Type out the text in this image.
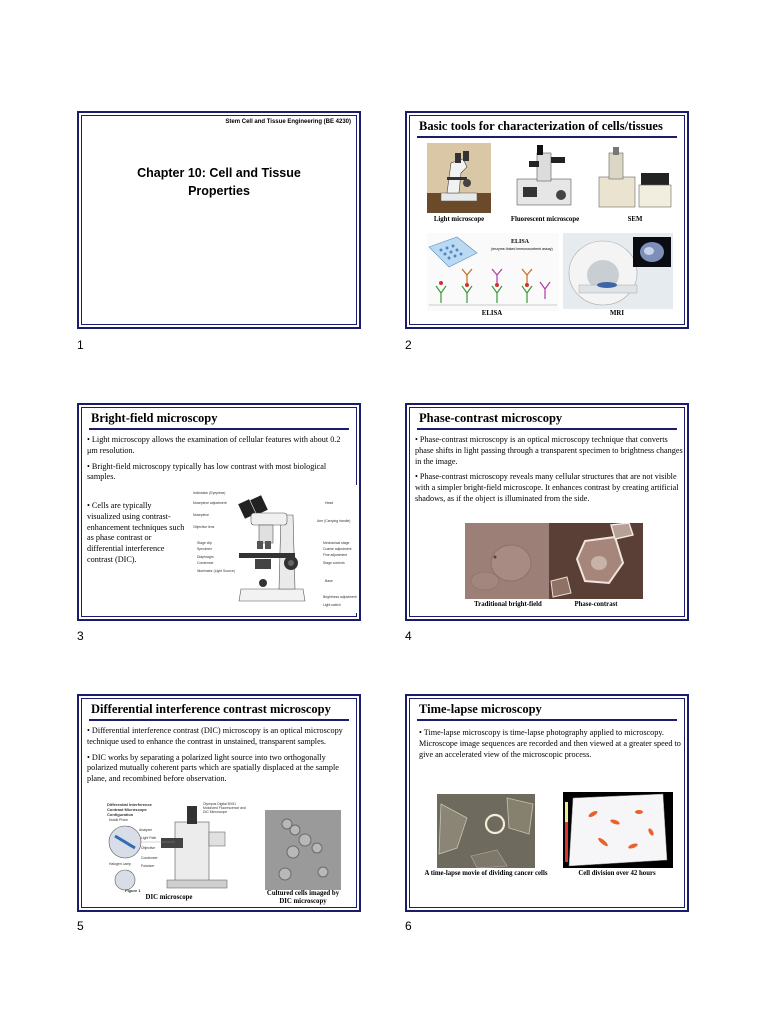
Stem Cell and Tissue Engineering (BE 4230)
Chapter 10: Cell and Tissue
Properties
1
Basic tools for characterization of cells/tissues
Light microscope	Fluorescent microscope	SEM
ELISA
(enzyme-linked immunosorbent assay)
ELISA	MRI
2
Bright-field microscopy

• Light microscopy allows the examination of cellular features with about 0.2 μm resolution.

• Bright-field microscopy typically has low contrast with most biological samples.

• Cells are typically visualized using contrast-enhancement techniques such as phase contrast or differential interference contrast (DIC).

Inclination (Eyepiece)
Nosepiece adjustment
Nosepiece
Objective lens
Stage clip
Specimen
Diaphragm
Condenser
Illuminator (Light Source)
Head
Arm (Carrying handle)
Mechanical stage
Coarse adjustment
Fine adjustment
Stage controls
Base
Brightness adjustment
Light switch
3
Phase-contrast microscopy

• Phase-contrast microscopy is an optical microscopy technique that converts phase shifts in light passing through a transparent specimen to brightness changes in the image.

• Phase-contrast microscopy reveals many cellular structures that are not visible with a simpler bright-field microscope. It enhances contrast by creating artificial shadows, as if the object is illuminated from the side.

Traditional bright-field	Phase-contrast
4
Differential interference contrast microscopy

• Differential interference contrast (DIC) microscopy is an optical microscopy technique used to enhance the contrast in unstained, transparent samples.

• DIC works by separating a polarized light source into two orthogonally polarized mutually coherent parts which are spatially displaced at the sample plane, and recombined before observation.

Differential Interference Contrast Microscope Configuration
Olympus Digital BX51 Motorized Fluorescence and DIC Microscope
Nosiki Prism
Analyzer
Halogen Lamp
Objective
Condenser
Polarizer
Light Path
Figure 1
DIC microscope
Cultured cells imaged by DIC microscopy
5
Time-lapse microscopy

• Time-lapse microscopy is time-lapse photography applied to microscopy. Microscope image sequences are recorded and then viewed at a greater speed to give an accelerated view of the microscopic process.

A time-lapse movie of dividing cancer cells	Cell division over 42 hours
6
